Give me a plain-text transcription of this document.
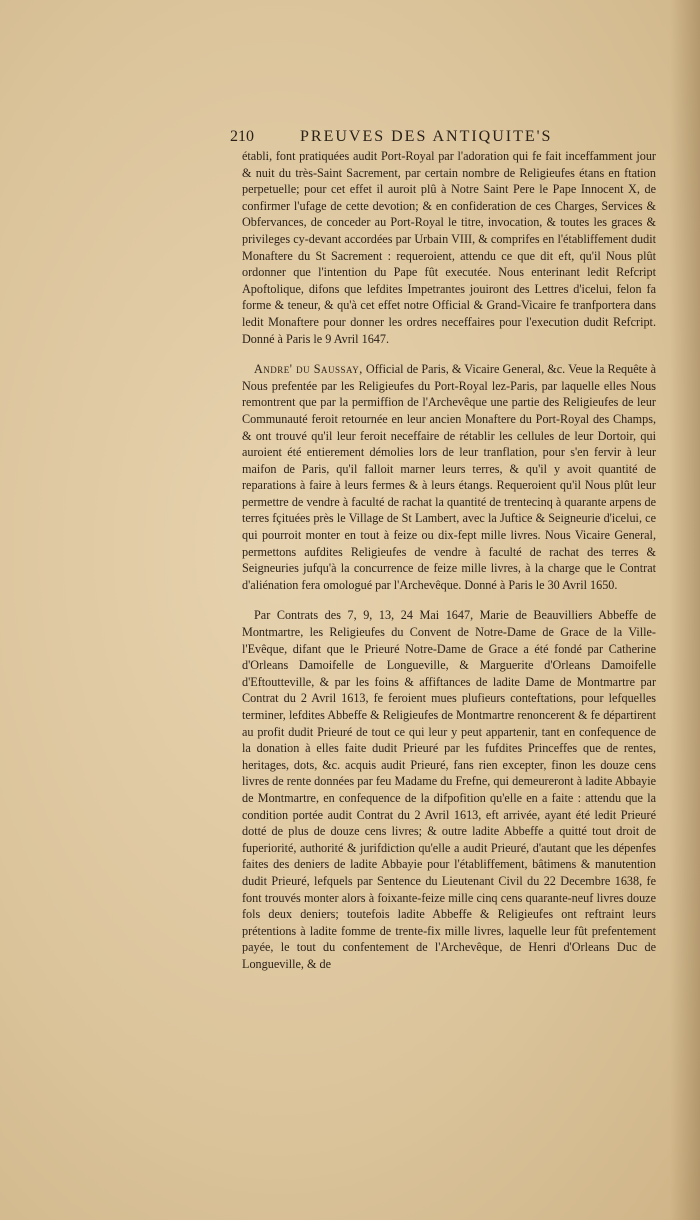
210	PREUVES DES ANTIQUITE'S

établi, font pratiquées audit Port-Royal par l'adoration qui fe fait inceffamment jour & nuit du très-Saint Sacrement, par certain nombre de Religieufes étans en ftation perpetuelle; pour cet effet il auroit plû à Notre Saint Pere le Pape Innocent X, de confirmer l'ufage de cette devotion; & en confideration de ces Charges, Services & Obfervances, de conceder au Port-Royal le titre, invocation, & toutes les graces & privileges cy-devant accordées par Urbain VIII, & comprifes en l'établiffement dudit Monaftere du St Sacrement : requeroient, attendu ce que dit eft, qu'il Nous plût ordonner que l'intention du Pape fût executée. Nous enterinant ledit Refcript Apoftolique, difons que lefdites Impetrantes jouiront des Lettres d'icelui, felon fa forme & teneur, & qu'à cet effet notre Official & Grand-Vicaire fe tranfportera dans ledit Monaftere pour donner les ordres neceffaires pour l'execution dudit Refcript. Donné à Paris le 9 Avril 1647.

Andre' du Saussay, Official de Paris, & Vicaire General, &c. Veue la Requête à Nous prefentée par les Religieufes du Port-Royal lez-Paris, par laquelle elles Nous remontrent que par la permiffion de l'Archevêque une partie des Religieufes de leur Communauté feroit retournée en leur ancien Monaftere du Port-Royal des Champs, & ont trouvé qu'il leur feroit neceffaire de rétablir les cellules de leur Dortoir, qui auroient été entierement démolies lors de leur tranflation, pour s'en fervir à leur maifon de Paris, qu'il falloit marner leurs terres, & qu'il y avoit quantité de reparations à faire à leurs fermes & à leurs étangs. Requeroient qu'il Nous plût leur permettre de vendre à faculté de rachat la quantité de trentecinq à quarante arpens de terres fçituées près le Village de St Lambert, avec la Juftice & Seigneurie d'icelui, ce qui pourroit monter en tout à feize ou dix-fept mille livres. Nous Vicaire General, permettons aufdites Religieufes de vendre à faculté de rachat des terres & Seigneuries jufqu'à la concurrence de feize mille livres, à la charge que le Contrat d'aliénation fera omologué par l'Archevêque. Donné à Paris le 30 Avril 1650.

Par Contrats des 7, 9, 13, 24 Mai 1647, Marie de Beauvilliers Abbeffe de Montmartre, les Religieufes du Convent de Notre-Dame de Grace de la Ville-l'Evêque, difant que le Prieuré Notre-Dame de Grace a été fondé par Catherine d'Orleans Damoifelle de Longueville, & Marguerite d'Orleans Damoifelle d'Eftoutteville, & par les foins & affiftances de ladite Dame de Montmartre par Contrat du 2 Avril 1613, fe feroient mues plufieurs conteftations, pour lefquelles terminer, lefdites Abbeffe & Religieufes de Montmartre renoncerent & fe départirent au profit dudit Prieuré de tout ce qui leur y peut appartenir, tant en confequence de la donation à elles faite dudit Prieuré par les fufdites Princeffes que de rentes, heritages, dots, &c. acquis audit Prieuré, fans rien excepter, finon les douze cens livres de rente données par feu Madame du Frefne, qui demeureront à ladite Abbayie de Montmartre, en confequence de la difpofition qu'elle en a faite : attendu que la condition portée audit Contrat du 2 Avril 1613, eft arrivée, ayant été ledit Prieuré dotté de plus de douze cens livres; & outre ladite Abbeffe a quitté tout droit de fuperiorité, authorité & jurifdiction qu'elle a audit Prieuré, d'autant que les dépenfes faites des deniers de ladite Abbayie pour l'établiffement, bâtimens & manutention dudit Prieuré, lefquels par Sentence du Lieutenant Civil du 22 Decembre 1638, fe font trouvés monter alors à foixante-feize mille cinq cens quarante-neuf livres douze fols deux deniers; toutefois ladite Abbeffe & Religieufes ont reftraint leurs prétentions à ladite fomme de trente-fix mille livres, laquelle leur fût prefentement payée, le tout du confentement de l'Archevêque, de Henri d'Orleans Duc de Longueville, & de
